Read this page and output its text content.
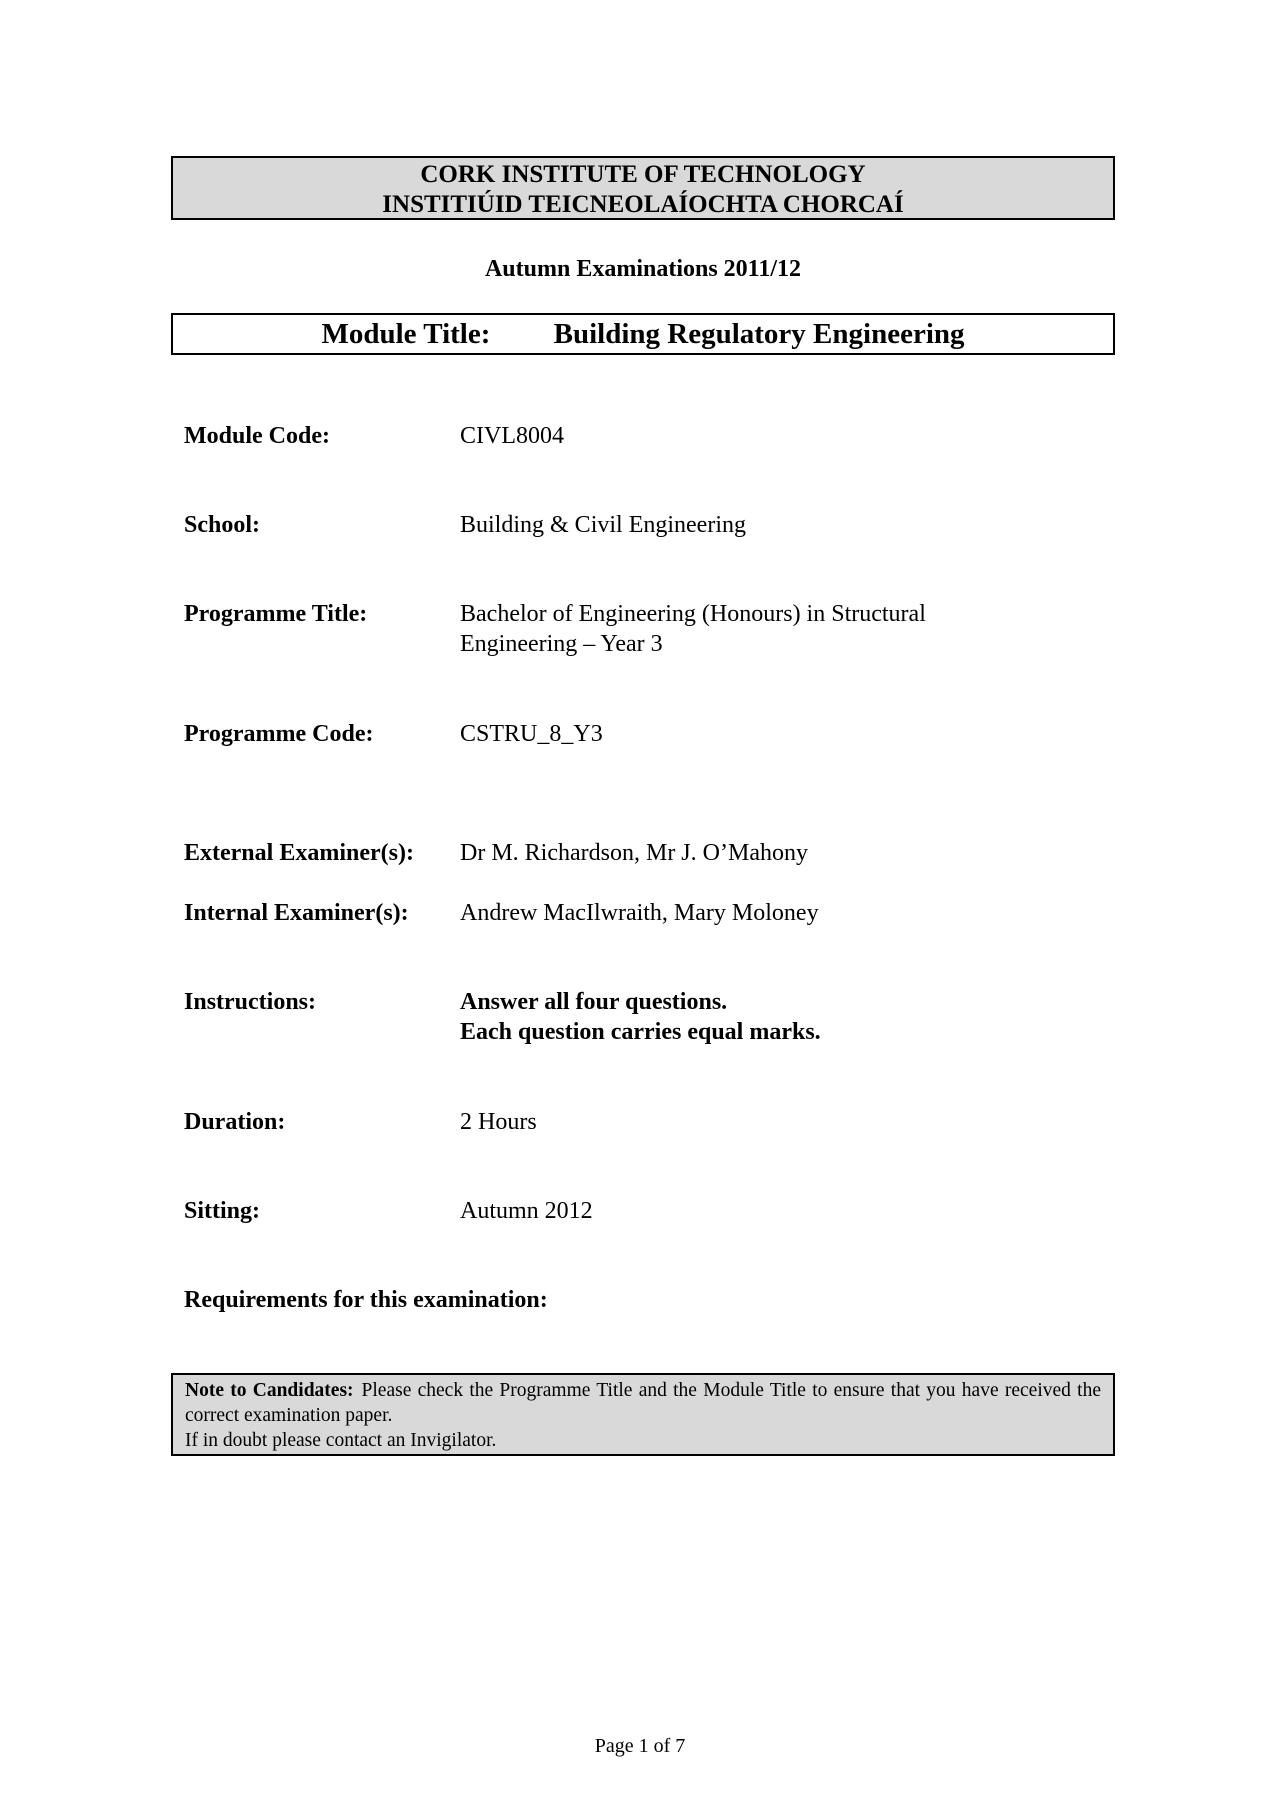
CORK INSTITUTE OF TECHNOLOGY
INSTITIÚID TEICNEOLAÍOCHTA CHORCAÍ
Autumn Examinations 2011/12
Module Title: Building Regulatory Engineering
Module Code:	CIVL8004
School:	Building & Civil Engineering
Programme Title:	Bachelor of Engineering (Honours) in Structural
Engineering – Year 3
Programme Code:	CSTRU_8_Y3
External Examiner(s): Dr M. Richardson, Mr J. O’Mahony
Internal Examiner(s): Andrew MacIlwraith, Mary Moloney
Instructions:	Answer all four questions.
Each question carries equal marks.
Duration:	2 Hours
Sitting:	Autumn 2012
Requirements for this examination:
Note to Candidates: Please check the Programme Title and the Module Title to ensure that you have received the correct examination paper.
If in doubt please contact an Invigilator.
Page 1 of 7
